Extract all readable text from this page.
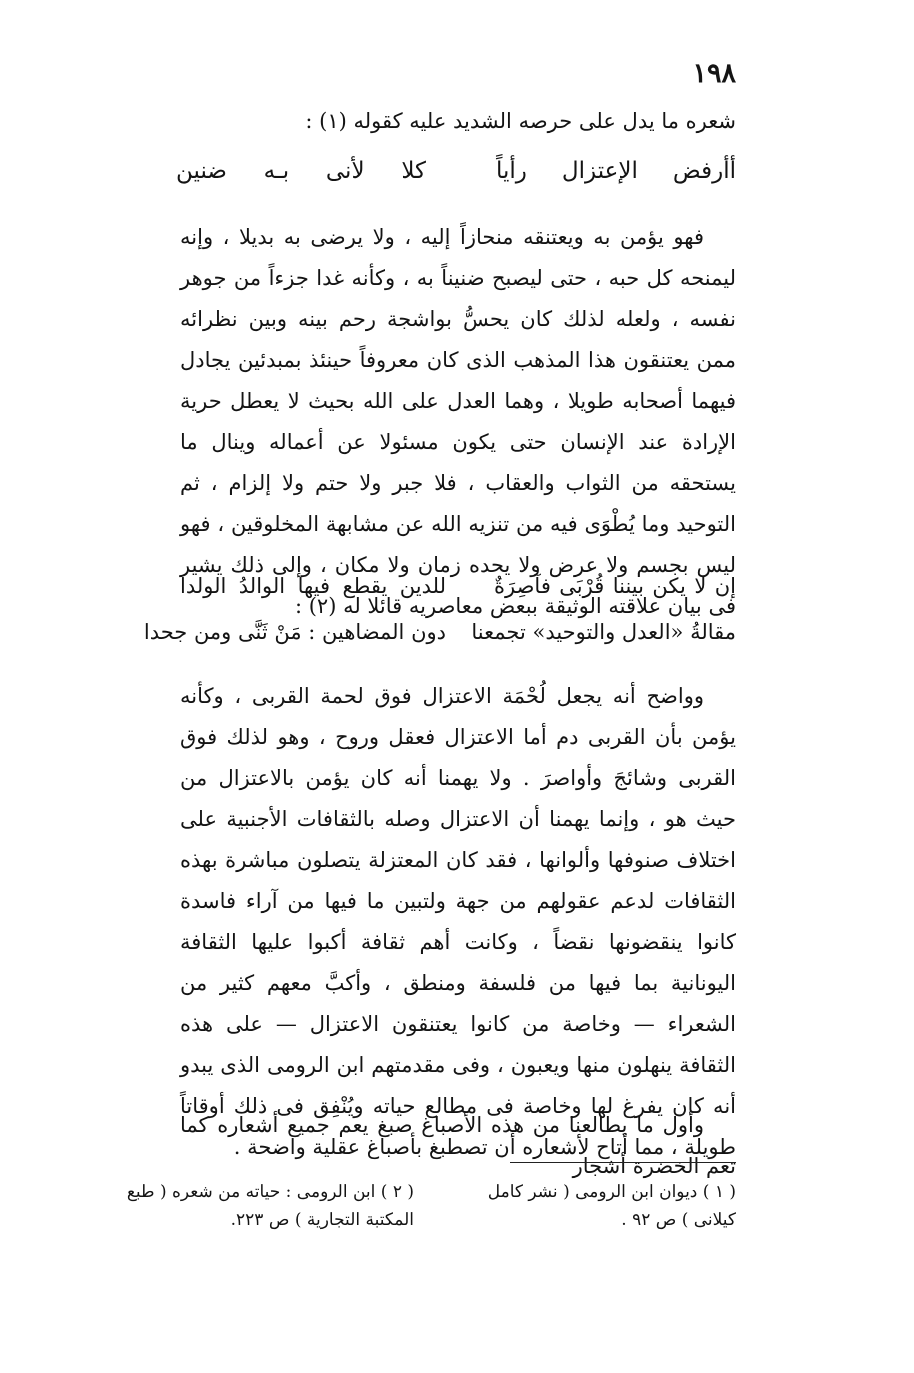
١٩٨
شعره ما يدل على حرصه الشديد عليه كقوله (١) :
أأرفض الإعتزال رأياً
كلا لأنى بـه ضنين
فهو يؤمن به ويعتنقه منحازاً إليه ، ولا يرضى به بديلا ، وإنه ليمنحه كل حبه ، حتى ليصبح ضنيناً به ، وكأنه غدا جزءاً من جوهر نفسه ، ولعله لذلك كان يحسُّ بواشجة رحم بينه وبين نظرائه ممن يعتنقون هذا المذهب الذى كان معروفاً حينئذ بمبدئين يجادل فيهما أصحابه طويلا ، وهما العدل على الله بحيث لا يعطل حرية الإرادة عند الإنسان حتى يكون مسئولا عن أعماله وينال ما يستحقه من الثواب والعقاب ، فلا جبر ولا حتم ولا إلزام ، ثم التوحيد وما يُطْوَى فيه من تنزيه الله عن مشابهة المخلوقين ، فهو ليس بجسم ولا عرض ولا يحده زمان ولا مكان ، وإلى ذلك يشير فى بيان علاقته الوثيقة ببعض معاصريه قائلا له (٢) :
إن لا يكن بيننا قُرْبَى فآصِرَةٌ
للدين يقطع فيها الوالدُ الولدا
مقالةُ «العدل والتوحيد» تجمعنا
دون المضاهين : مَنْ ثَنَّى ومن جحدا
وواضح أنه يجعل لُحْمَة الاعتزال فوق لحمة القربى ، وكأنه يؤمن بأن القربى دم أما الاعتزال فعقل وروح ، وهو لذلك فوق القربى وشائجَ وأواصرَ . ولا يهمنا أنه كان يؤمن بالاعتزال من حيث هو ، وإنما يهمنا أن الاعتزال وصله بالثقافات الأجنبية على اختلاف صنوفها وألوانها ، فقد كان المعتزلة يتصلون مباشرة بهذه الثقافات لدعم عقولهم من جهة ولتبين ما فيها من آراء فاسدة كانوا ينقضونها نقضاً ، وكانت أهم ثقافة أكبوا عليها الثقافة اليونانية بما فيها من فلسفة ومنطق ، وأكبَّ معهم كثير من الشعراء — وخاصة من كانوا يعتنقون الاعتزال — على هذه الثقافة ينهلون منها ويعبون ، وفى مقدمتهم ابن الرومى الذى يبدو أنه كان يفرغ لها وخاصة فى مطالع حياته ويُنْفِق فى ذلك أوقاتاً طويلة ، مما أتاح لأشعاره أن تصطبغ بأصباغ عقلية واضحة .
وأول ما يطالعنا من هذه الأصباغ صبغ يعم جميع أشعاره كما تعم الخضرة أشجار
( ١ ) ديوان ابن الرومى ( نشر كامل كيلانى ) ص ٩٢ .
( ٢ ) ابن الرومى : حياته من شعره ( طبع المكتبة التجارية ) ص ٢٢٣.
